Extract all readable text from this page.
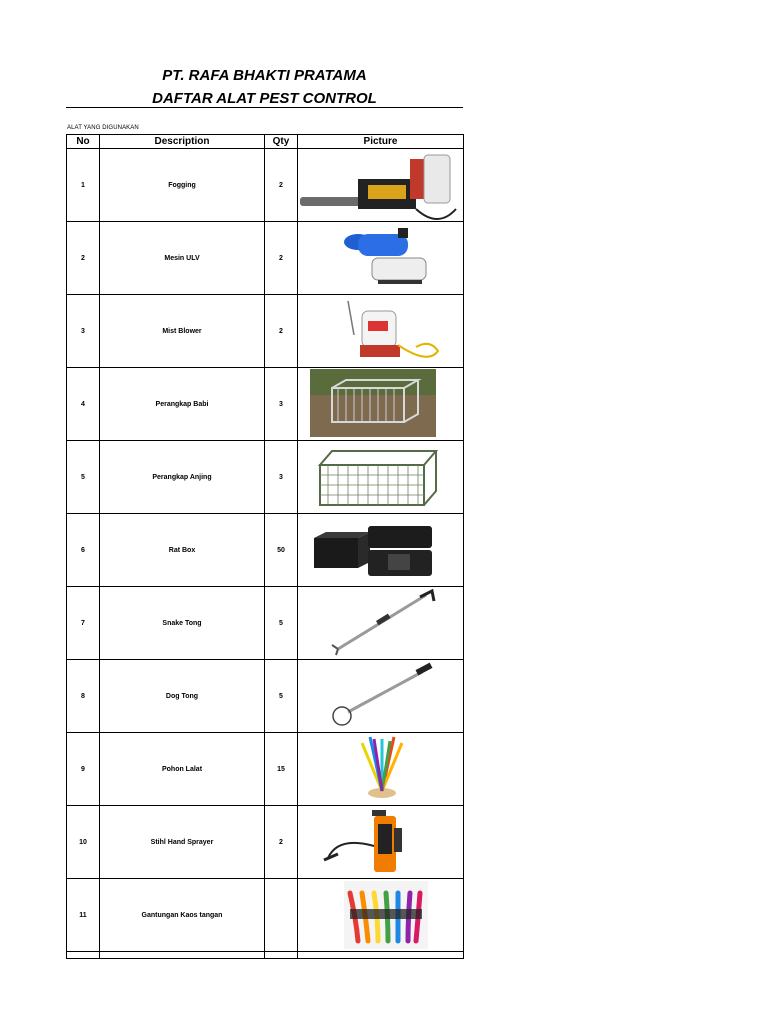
PT. RAFA BHAKTI PRATAMA
DAFTAR ALAT PEST CONTROL
ALAT YANG DIGUNAKAN
No	Description	Qty	Picture
1	Fogging	2	

2	Mesin ULV	2	

3	Mist Blower	2	

4	Perangkap Babi	3	

5	Perangkap Anjing	3	

6	Rat Box	50	

7	Snake Tong	5	

8	Dog Tong	5	

9	Pohon Lalat	15	

10	Stihl Hand Sprayer	2	

11	Gantungan Kaos tangan		
